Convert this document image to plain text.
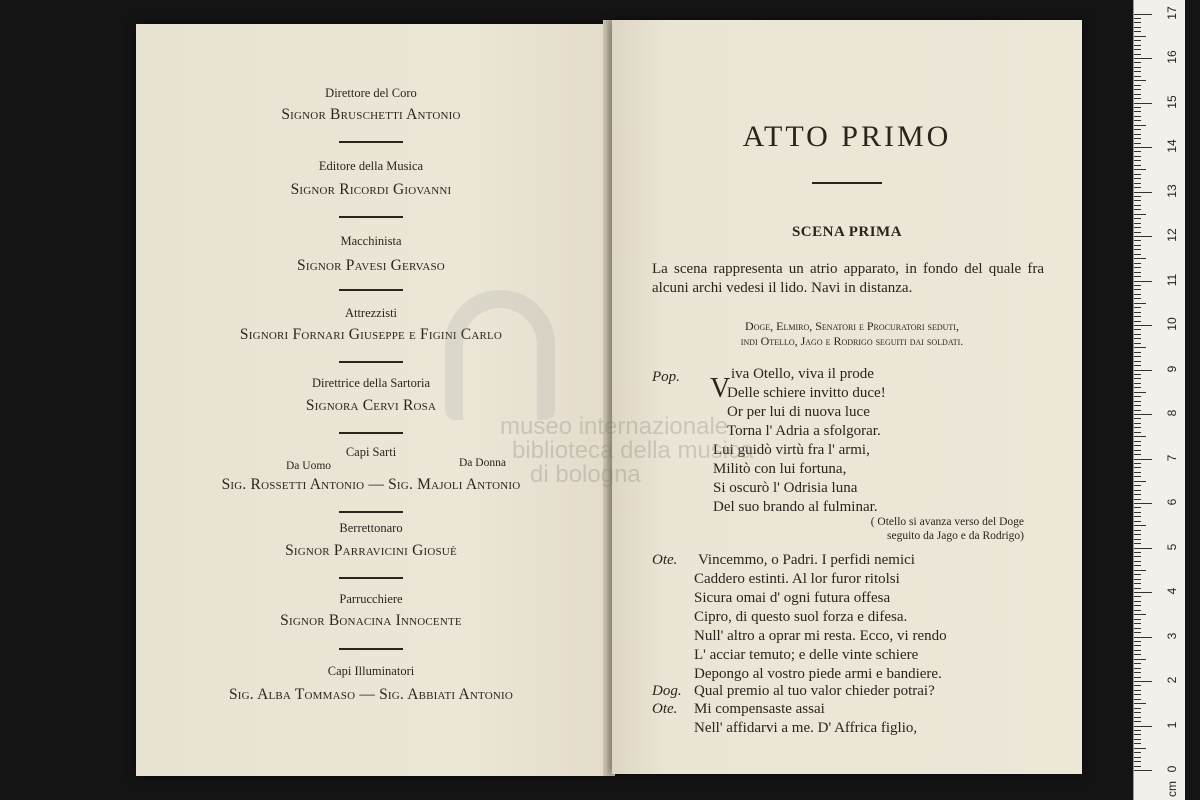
Direttore del Coro
Signor Bruschetti Antonio
Editore della Musica
Signor Ricordi Giovanni
Macchinista
Signor Pavesi Gervaso
Attrezzisti
Signori Fornari Giuseppe e Figini Carlo
Direttrice della Sartoria
Signora Cervi Rosa
Capi Sarti
Da Uomo	Da Donna
Sig. Rossetti Antonio — Sig. Majoli Antonio
Berrettonaro
Signor Parravicini Giosuè
Parrucchiere
Signor Bonacina Innocente
Capi Illuminatori
Sig. Alba Tommaso — Sig. Abbiati Antonio
ATTO PRIMO
SCENA PRIMA
La scena rappresenta un atrio apparato, in fondo del quale fra alcuni archi vedesi il lido. Navi in distanza.
Doge, Elmiro, Senatori e Procuratori seduti,
indi Otello, Jago e Rodrigo seguiti dai soldati.
Pop. V iva Otello, viva il prode
Delle schiere invitto duce!
Or per lui di nuova luce
Torna l' Adria a sfolgorar.
Lui guidò virtù fra l' armi,
Militò con lui fortuna,
Si oscurò l' Odrisia luna
Del suo brando al fulminar.
( Otello si avanza verso del Doge
seguito da Jago e da Rodrigo)
Ote. Vincemmo, o Padri. I perfidi nemici
Caddero estinti. Al lor furor ritolsi
Sicura omai d' ogni futura offesa
Cipro, di questo suol forza e difesa.
Null' altro a oprar mi resta. Ecco, vi rendo
L' acciar temuto; e delle vinte schiere
Depongo al vostro piede armi e bandiere.
Dog. Qual premio al tuo valor chieder potrai?
Ote. Mi compensaste assai
Nell' affidarvi a me. D' Affrica figlio,
museo internazionale
biblioteca della musica
di bologna
0
1
2
3
4
5
6
7
8
9
10
11
12
13
14
15
16
17
cm
